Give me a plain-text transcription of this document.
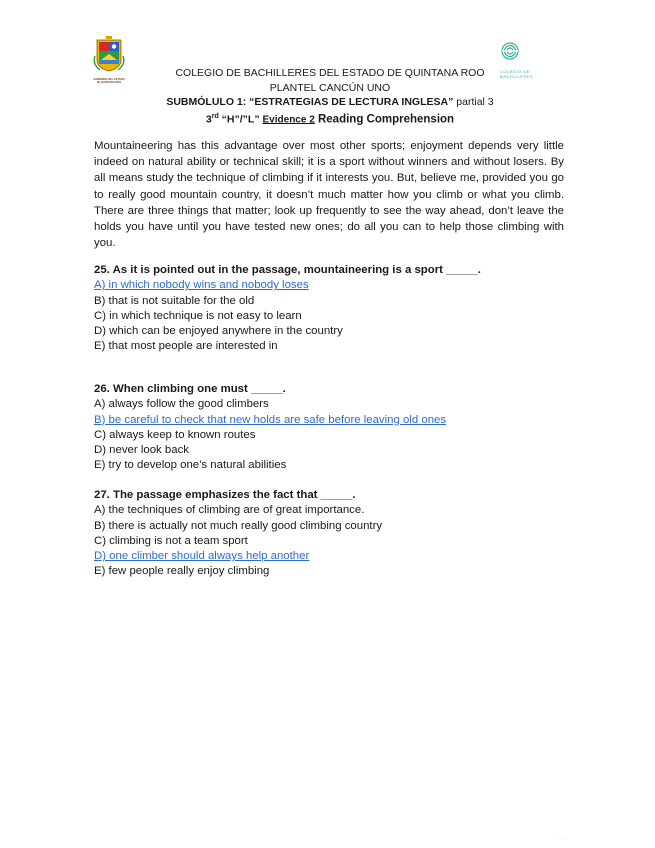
GOBIERNO DEL ESTADO DE QUINTANA ROO
COLEGIO DE
BACHILLERES
COLEGIO DE BACHILLERES DEL ESTADO DE QUINTANA ROO
PLANTEL CANCÚN UNO
SUBMÓLULO 1: “ESTRATEGIAS DE LECTURA INGLESA” partial 3
3rd “H”/”L” Evidence 2 Reading Comprehension
Mountaineering has this advantage over most other sports; enjoyment depends very little indeed on natural ability or technical skill; it is a sport without winners and without losers. By all means study the technique of climbing if it interests you. But, believe me, provided you go to really good mountain country, it doesn’t much matter how you climb or what you climb. There are three things that matter; look up frequently to see the way ahead, don’t leave the holds you have until you have tested new ones; do all you can to help those climbing with you.
25. As it is pointed out in the passage, mountaineering is a sport _____.
A) in which nobody wins and nobody loses
B) that is not suitable for the old
C) in which technique is not easy to learn
D) which can be enjoyed anywhere in the country
E) that most people are interested in
26. When climbing one must _____.
A) always follow the good climbers
B) be careful to check that new holds are safe before leaving old ones
C) always keep to known routes
D) never look back
E) try to develop one’s natural abilities
27. The passage emphasizes the fact that _____.
A) the techniques of climbing are of great importance.
B) there is actually not much really good climbing country
C) climbing is not a team sport
D) one climber should always help another
E) few people really enjoy climbing
· · ·
